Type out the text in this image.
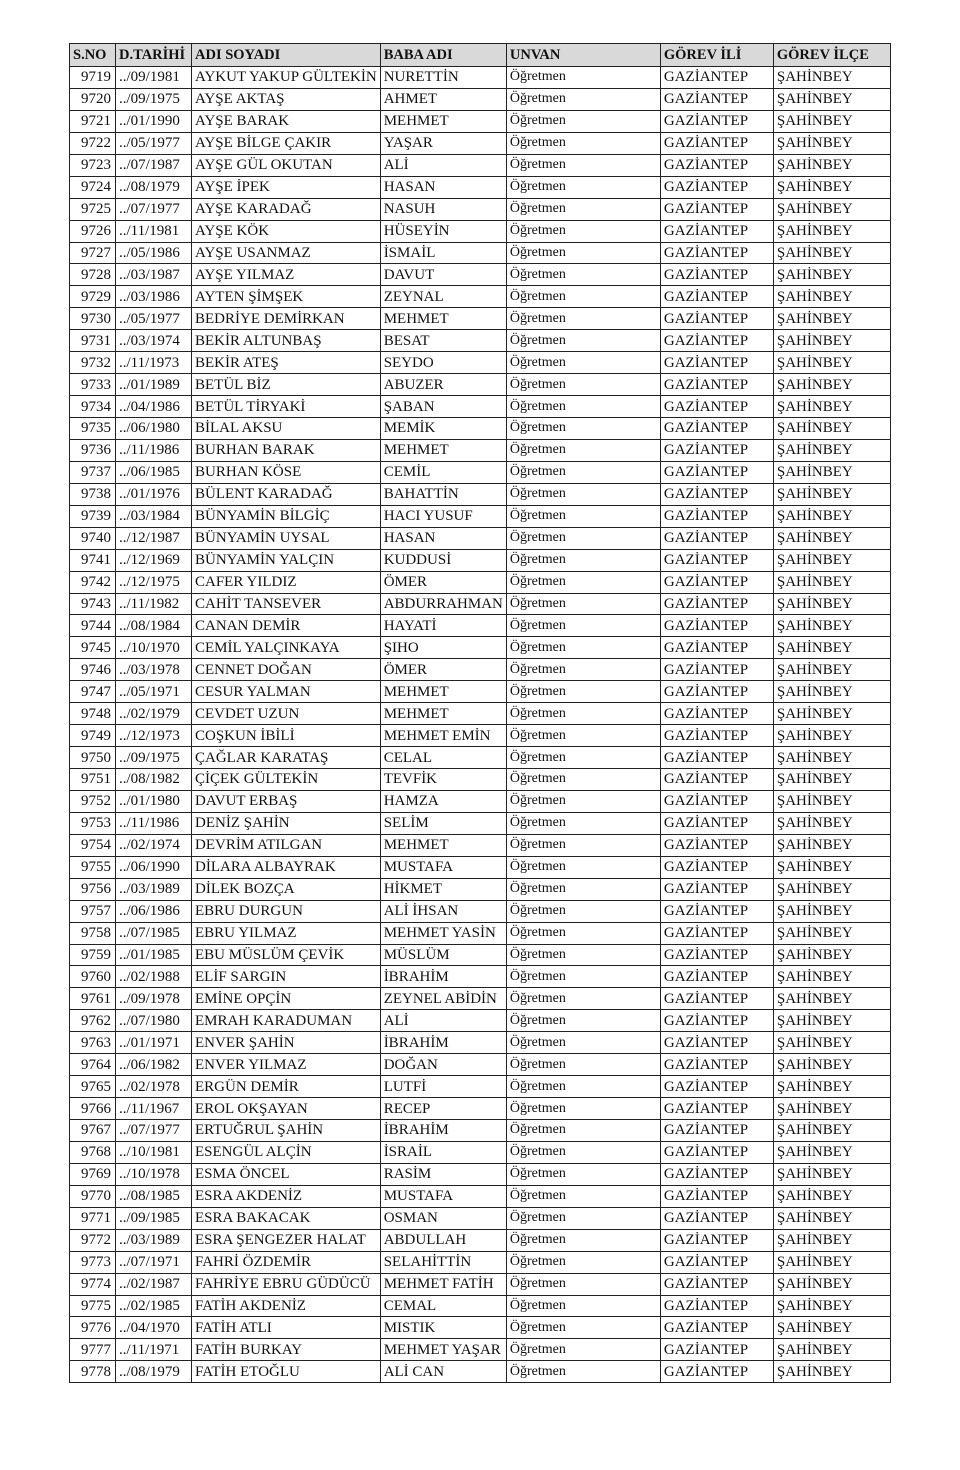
S.NO	D.TARİHİ	ADI SOYADI	BABA ADI	UNVAN	GÖREV İLİ	GÖREV İLÇE
9719	../09/1981	AYKUT YAKUP GÜLTEKİN	NURETTİN	Öğretmen	GAZİANTEP	ŞAHİNBEY
9720	../09/1975	AYŞE AKTAŞ	AHMET	Öğretmen	GAZİANTEP	ŞAHİNBEY
9721	../01/1990	AYŞE BARAK	MEHMET	Öğretmen	GAZİANTEP	ŞAHİNBEY
9722	../05/1977	AYŞE BİLGE ÇAKIR	YAŞAR	Öğretmen	GAZİANTEP	ŞAHİNBEY
9723	../07/1987	AYŞE GÜL OKUTAN	ALİ	Öğretmen	GAZİANTEP	ŞAHİNBEY
9724	../08/1979	AYŞE İPEK	HASAN	Öğretmen	GAZİANTEP	ŞAHİNBEY
9725	../07/1977	AYŞE KARADAĞ	NASUH	Öğretmen	GAZİANTEP	ŞAHİNBEY
9726	../11/1981	AYŞE KÖK	HÜSEYİN	Öğretmen	GAZİANTEP	ŞAHİNBEY
9727	../05/1986	AYŞE USANMAZ	İSMAİL	Öğretmen	GAZİANTEP	ŞAHİNBEY
9728	../03/1987	AYŞE YILMAZ	DAVUT	Öğretmen	GAZİANTEP	ŞAHİNBEY
9729	../03/1986	AYTEN ŞİMŞEK	ZEYNAL	Öğretmen	GAZİANTEP	ŞAHİNBEY
9730	../05/1977	BEDRİYE DEMİRKAN	MEHMET	Öğretmen	GAZİANTEP	ŞAHİNBEY
9731	../03/1974	BEKİR ALTUNBAŞ	BESAT	Öğretmen	GAZİANTEP	ŞAHİNBEY
9732	../11/1973	BEKİR ATEŞ	SEYDO	Öğretmen	GAZİANTEP	ŞAHİNBEY
9733	../01/1989	BETÜL BİZ	ABUZER	Öğretmen	GAZİANTEP	ŞAHİNBEY
9734	../04/1986	BETÜL TİRYAKİ	ŞABAN	Öğretmen	GAZİANTEP	ŞAHİNBEY
9735	../06/1980	BİLAL AKSU	MEMİK	Öğretmen	GAZİANTEP	ŞAHİNBEY
9736	../11/1986	BURHAN BARAK	MEHMET	Öğretmen	GAZİANTEP	ŞAHİNBEY
9737	../06/1985	BURHAN KÖSE	CEMİL	Öğretmen	GAZİANTEP	ŞAHİNBEY
9738	../01/1976	BÜLENT KARADAĞ	BAHATTİN	Öğretmen	GAZİANTEP	ŞAHİNBEY
9739	../03/1984	BÜNYAMİN BİLGİÇ	HACI YUSUF	Öğretmen	GAZİANTEP	ŞAHİNBEY
9740	../12/1987	BÜNYAMİN UYSAL	HASAN	Öğretmen	GAZİANTEP	ŞAHİNBEY
9741	../12/1969	BÜNYAMİN YALÇIN	KUDDUSİ	Öğretmen	GAZİANTEP	ŞAHİNBEY
9742	../12/1975	CAFER YILDIZ	ÖMER	Öğretmen	GAZİANTEP	ŞAHİNBEY
9743	../11/1982	CAHİT TANSEVER	ABDURRAHMAN	Öğretmen	GAZİANTEP	ŞAHİNBEY
9744	../08/1984	CANAN DEMİR	HAYATİ	Öğretmen	GAZİANTEP	ŞAHİNBEY
9745	../10/1970	CEMİL YALÇINKAYA	ŞIHO	Öğretmen	GAZİANTEP	ŞAHİNBEY
9746	../03/1978	CENNET DOĞAN	ÖMER	Öğretmen	GAZİANTEP	ŞAHİNBEY
9747	../05/1971	CESUR YALMAN	MEHMET	Öğretmen	GAZİANTEP	ŞAHİNBEY
9748	../02/1979	CEVDET UZUN	MEHMET	Öğretmen	GAZİANTEP	ŞAHİNBEY
9749	../12/1973	COŞKUN İBİLİ	MEHMET EMİN	Öğretmen	GAZİANTEP	ŞAHİNBEY
9750	../09/1975	ÇAĞLAR KARATAŞ	CELAL	Öğretmen	GAZİANTEP	ŞAHİNBEY
9751	../08/1982	ÇİÇEK GÜLTEKİN	TEVFİK	Öğretmen	GAZİANTEP	ŞAHİNBEY
9752	../01/1980	DAVUT ERBAŞ	HAMZA	Öğretmen	GAZİANTEP	ŞAHİNBEY
9753	../11/1986	DENİZ ŞAHİN	SELİM	Öğretmen	GAZİANTEP	ŞAHİNBEY
9754	../02/1974	DEVRİM ATILGAN	MEHMET	Öğretmen	GAZİANTEP	ŞAHİNBEY
9755	../06/1990	DİLARA ALBAYRAK	MUSTAFA	Öğretmen	GAZİANTEP	ŞAHİNBEY
9756	../03/1989	DİLEK BOZÇA	HİKMET	Öğretmen	GAZİANTEP	ŞAHİNBEY
9757	../06/1986	EBRU DURGUN	ALİ İHSAN	Öğretmen	GAZİANTEP	ŞAHİNBEY
9758	../07/1985	EBRU YILMAZ	MEHMET YASİN	Öğretmen	GAZİANTEP	ŞAHİNBEY
9759	../01/1985	EBU MÜSLÜM ÇEVİK	MÜSLÜM	Öğretmen	GAZİANTEP	ŞAHİNBEY
9760	../02/1988	ELİF SARGIN	İBRAHİM	Öğretmen	GAZİANTEP	ŞAHİNBEY
9761	../09/1978	EMİNE OPÇİN	ZEYNEL ABİDİN	Öğretmen	GAZİANTEP	ŞAHİNBEY
9762	../07/1980	EMRAH KARADUMAN	ALİ	Öğretmen	GAZİANTEP	ŞAHİNBEY
9763	../01/1971	ENVER ŞAHİN	İBRAHİM	Öğretmen	GAZİANTEP	ŞAHİNBEY
9764	../06/1982	ENVER YILMAZ	DOĞAN	Öğretmen	GAZİANTEP	ŞAHİNBEY
9765	../02/1978	ERGÜN DEMİR	LUTFİ	Öğretmen	GAZİANTEP	ŞAHİNBEY
9766	../11/1967	EROL OKŞAYAN	RECEP	Öğretmen	GAZİANTEP	ŞAHİNBEY
9767	../07/1977	ERTUĞRUL ŞAHİN	İBRAHİM	Öğretmen	GAZİANTEP	ŞAHİNBEY
9768	../10/1981	ESENGÜL ALÇİN	İSRAİL	Öğretmen	GAZİANTEP	ŞAHİNBEY
9769	../10/1978	ESMA ÖNCEL	RASİM	Öğretmen	GAZİANTEP	ŞAHİNBEY
9770	../08/1985	ESRA AKDENİZ	MUSTAFA	Öğretmen	GAZİANTEP	ŞAHİNBEY
9771	../09/1985	ESRA BAKACAK	OSMAN	Öğretmen	GAZİANTEP	ŞAHİNBEY
9772	../03/1989	ESRA ŞENGEZER HALAT	ABDULLAH	Öğretmen	GAZİANTEP	ŞAHİNBEY
9773	../07/1971	FAHRİ ÖZDEMİR	SELAHİTTİN	Öğretmen	GAZİANTEP	ŞAHİNBEY
9774	../02/1987	FAHRİYE EBRU GÜDÜCÜ	MEHMET FATİH	Öğretmen	GAZİANTEP	ŞAHİNBEY
9775	../02/1985	FATİH AKDENİZ	CEMAL	Öğretmen	GAZİANTEP	ŞAHİNBEY
9776	../04/1970	FATİH ATLI	MISTIK	Öğretmen	GAZİANTEP	ŞAHİNBEY
9777	../11/1971	FATİH BURKAY	MEHMET YAŞAR	Öğretmen	GAZİANTEP	ŞAHİNBEY
9778	../08/1979	FATİH ETOĞLU	ALİ CAN	Öğretmen	GAZİANTEP	ŞAHİNBEY
